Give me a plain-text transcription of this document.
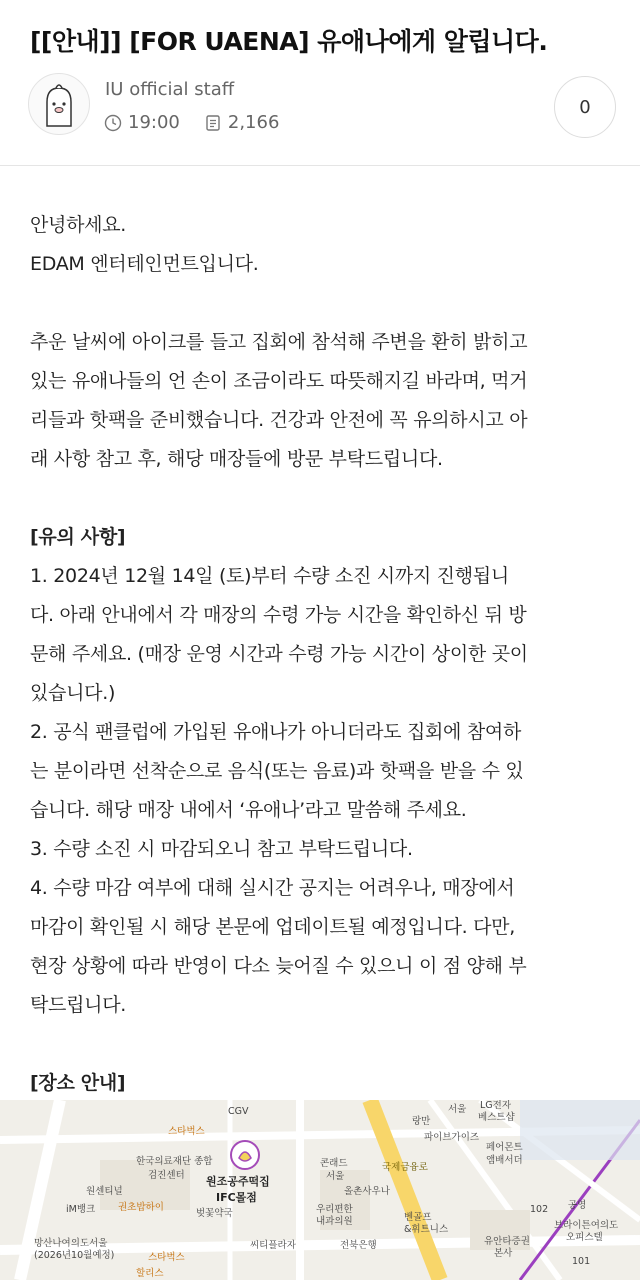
[[안내]] [FOR UAENA] 유애나에게 알립니다.
IU official staff
19:00	2,166
0
안녕하세요.
EDAM 엔터테인먼트입니다.
추운 날씨에 아이크를 들고 집회에 참석해 주변을 환히 밝히고
있는 유애나들의 언 손이 조금이라도 따뜻해지길 바라며, 먹거
리들과 핫팩을 준비했습니다. 건강과 안전에 꼭 유의하시고 아
래 사항 참고 후, 해당 매장들에 방문 부탁드립니다.
[유의 사항]
1. 2024년 12월 14일 (토)부터 수량 소진 시까지 진행됩니
다. 아래 안내에서 각 매장의 수령 가능 시간을 확인하신 뒤 방
문해 주세요. (매장 운영 시간과 수령 가능 시간이 상이한 곳이
있습니다.)
2. 공식 팬클럽에 가입된 유애나가 아니더라도 집회에 참여하
는 분이라면 선착순으로 음식(또는 음료)과 핫팩을 받을 수 있
습니다. 해당 매장 내에서 ‘유애나’라고 말씀해 주세요.
3. 수량 소진 시 마감되오니 참고 부탁드립니다.
4. 수량 마감 여부에 대해 실시간 공지는 어려우나, 매장에서
마감이 확인될 시 해당 본문에 업데이트될 예정입니다. 다만,
현장 상황에 따라 반영이 다소 늦어질 수 있으니 이 점 양해 부
탁드립니다.
[장소 안내]
스타벅스
CGV
한국의료재단 종합
검진센터
콘래드
서울
원센티널
iM뱅크 권초밥하이
원조공주떡집
IFC몰점
벚꽃약국
올촌사우나
우리편한
내과의원	벤골프
&휘트니스
씨티플라자	전북은행
망산나여의도서울
(2026년10월예정)	스타벅스
할리스
랑만
서울 LG전자
베스트샵
파이브가이즈
페어몬트
앰배서더
국제금융로
공영
브라이튼여의도
오피스텔
유안타증권
본사
102
101
